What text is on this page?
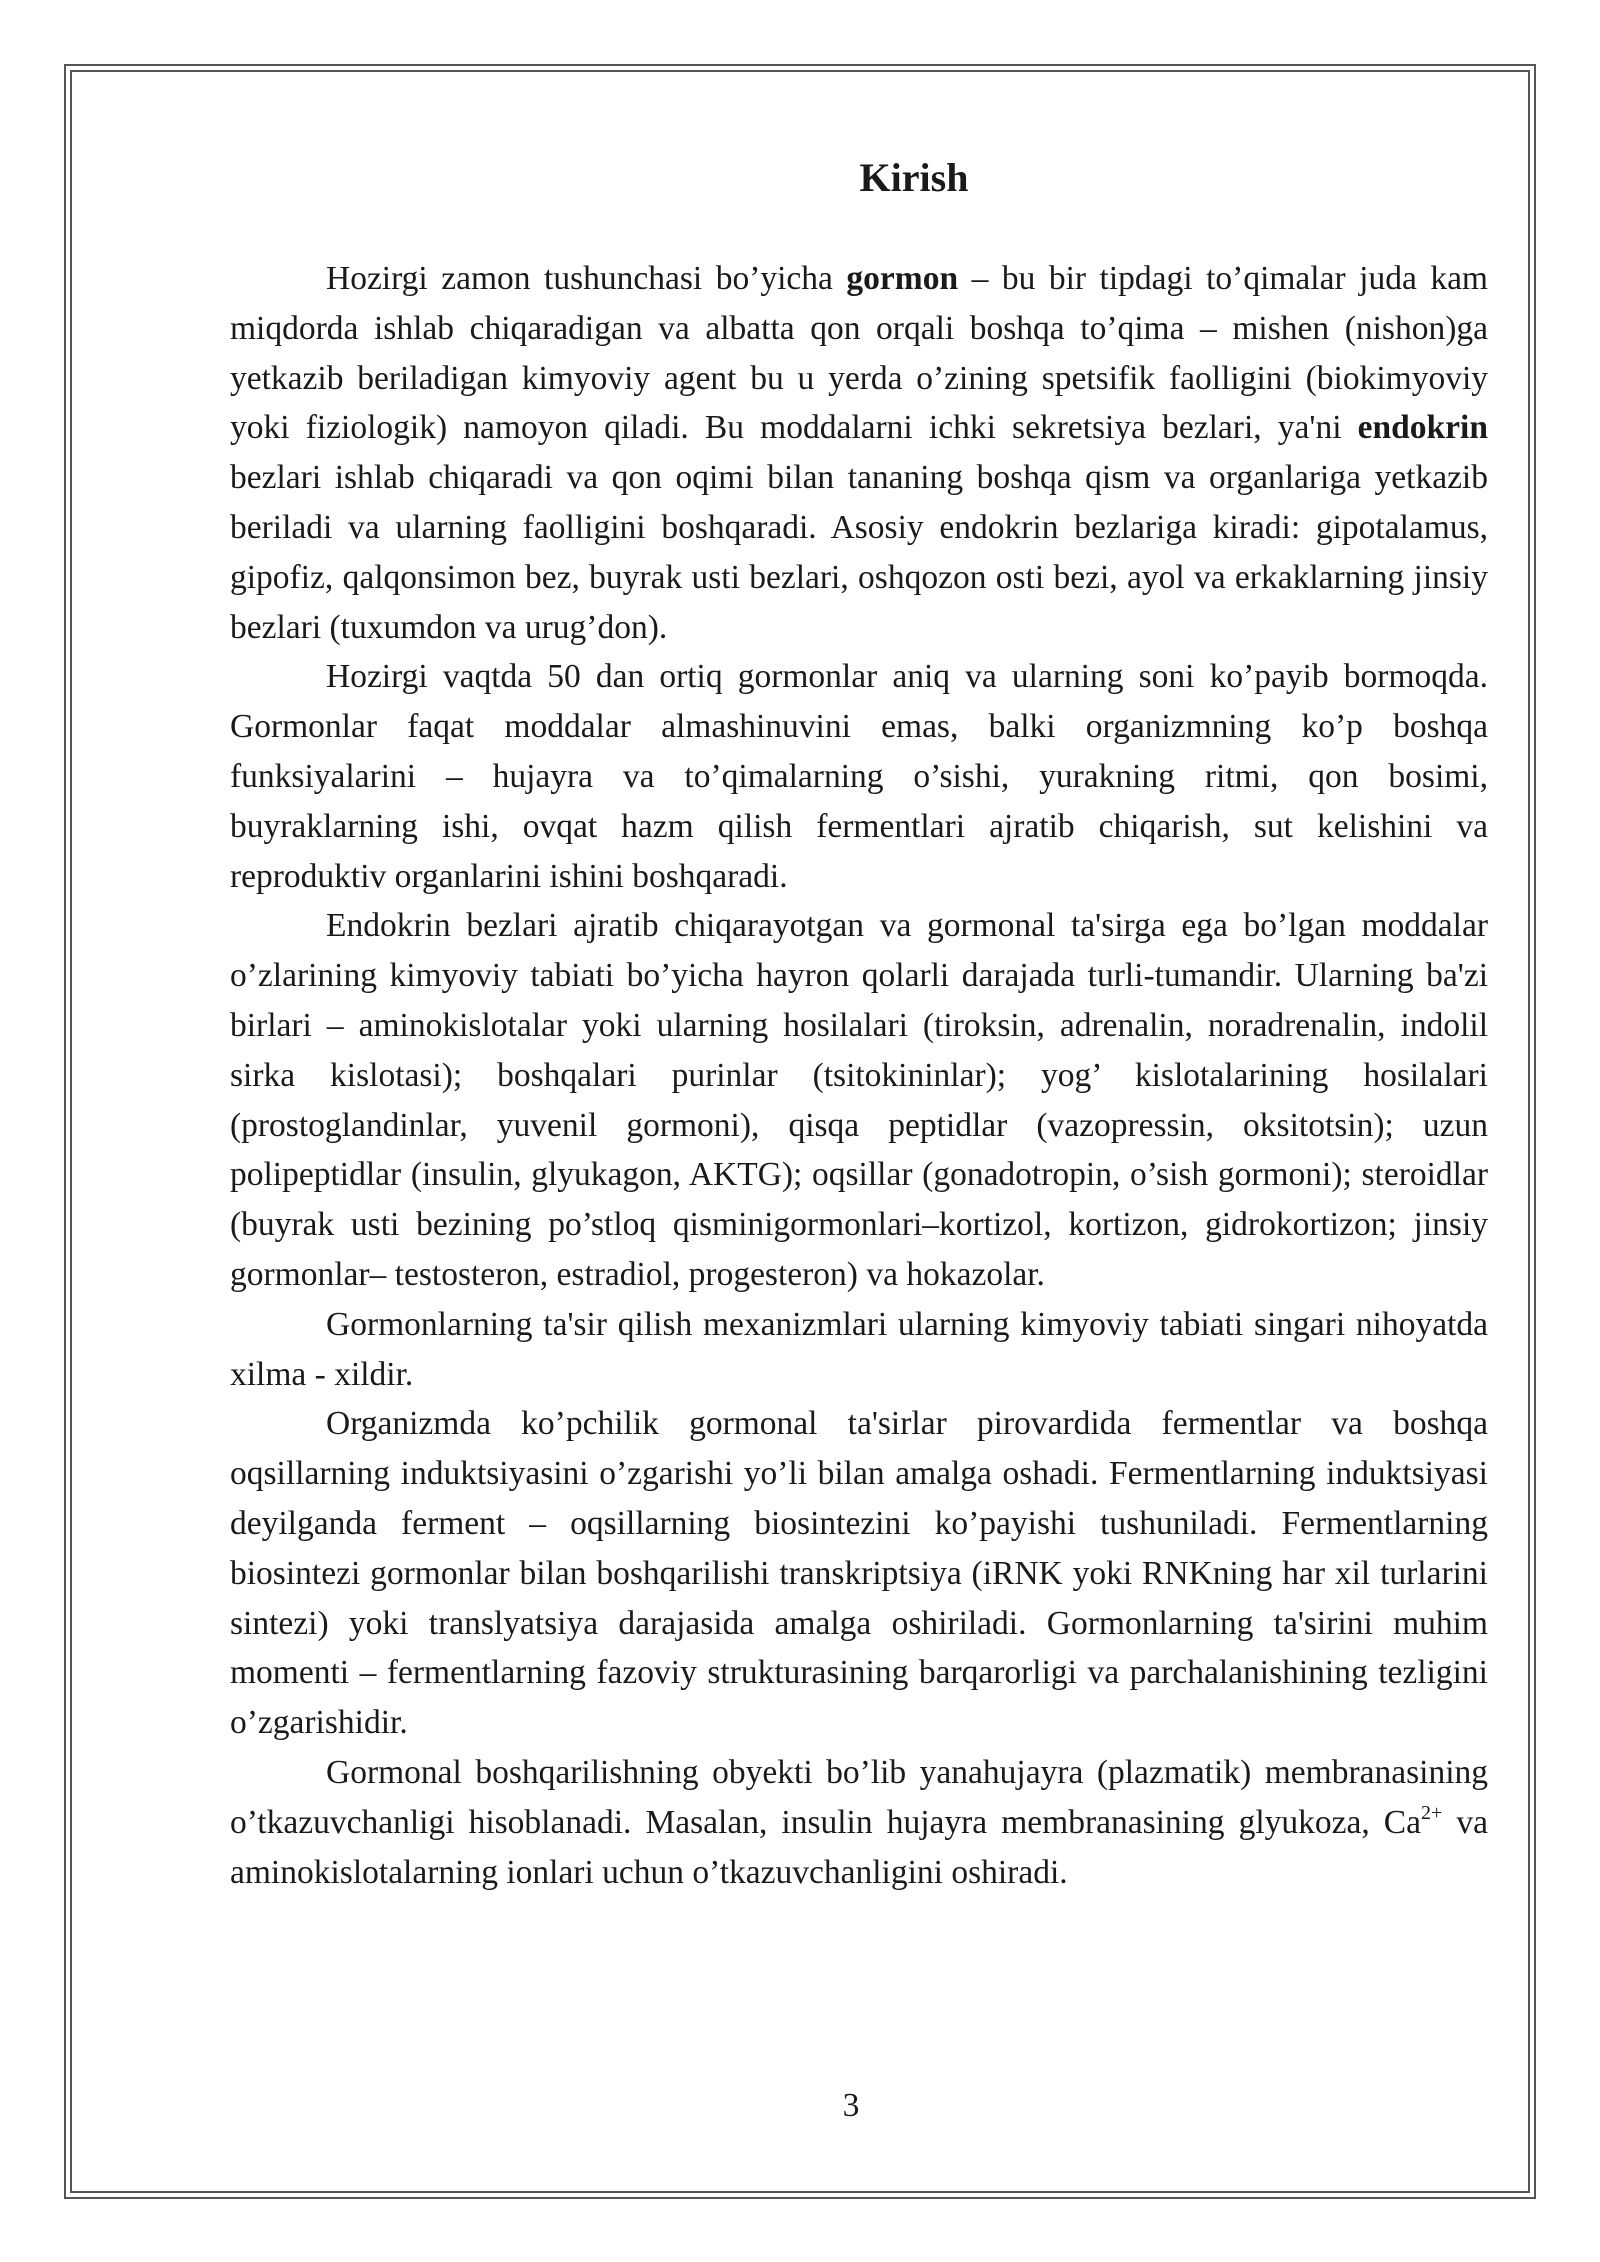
Kirish

Hozirgi zamon tushunchasi bo’yicha gormon – bu bir tipdagi to’qimalar juda kam miqdorda ishlab chiqaradigan va albatta qon orqali boshqa to’qima – mishen (nishon)ga yetkazib beriladigan kimyoviy agent bu u yerda o’zining spetsifik faolligini (biokimyoviy yoki fiziologik) namoyon qiladi. Bu moddalarni ichki sekretsiya bezlari, ya'ni endokrin bezlari ishlab chiqaradi va qon oqimi bilan tananing boshqa qism va organlariga yetkazib beriladi va ularning faolligini boshqaradi. Asosiy endokrin bezlariga kiradi: gipotalamus, gipofiz, qalqonsimon bez, buyrak usti bezlari, oshqozon osti bezi, ayol va erkaklarning jinsiy bezlari (tuxumdon va urug’don).

Hozirgi vaqtda 50 dan ortiq gormonlar aniq va ularning soni ko’payib bormoqda. Gormonlar faqat moddalar almashinuvini emas, balki organizmning ko’p boshqa funksiyalarini – hujayra va to’qimalarning o’sishi, yurakning ritmi, qon bosimi, buyraklarning ishi, ovqat hazm qilish fermentlari ajratib chiqarish, sut kelishini va reproduktiv organlarini ishini boshqaradi.

Endokrin bezlari ajratib chiqarayotgan va gormonal ta'sirga ega bo’lgan moddalar o’zlarining kimyoviy tabiati bo’yicha hayron qolarli darajada turli-tumandir. Ularning ba'zi birlari – aminokislotalar yoki ularning hosilalari (tiroksin, adrenalin, noradrenalin, indolil sirka kislotasi); boshqalari purinlar (tsitokininlar); yog’ kislotalarining hosilalari (prostoglandinlar, yuvenil gormoni), qisqa peptidlar (vazopressin, oksitotsin); uzun polipeptidlar (insulin, glyukagon, AKTG); oqsillar (gonadotropin, o’sish gormoni); steroidlar (buyrak usti bezining po’stloq qisminigormonlari–kortizol, kortizon, gidrokortizon; jinsiy gormonlar– testosteron, estradiol, progesteron) va hokazolar.

Gormonlarning ta'sir qilish mexanizmlari ularning kimyoviy tabiati singari nihoyatda xilma - xildir.

Organizmda ko’pchilik gormonal ta'sirlar pirovardida fermentlar va boshqa oqsillarning induktsiyasini o’zgarishi yo’li bilan amalga oshadi. Fermentlarning induktsiyasi deyilganda ferment – oqsillarning biosintezini ko’payishi tushuniladi. Fermentlarning biosintezi gormonlar bilan boshqarilishi transkriptsiya (iRNK yoki RNKning har xil turlarini sintezi) yoki translyatsiya darajasida amalga oshiriladi. Gormonlarning ta'sirini muhim momenti – fermentlarning fazoviy strukturasining barqarorligi va parchalanishining tezligini o’zgarishidir.

Gormonal boshqarilishning obyekti bo’lib yanahujayra (plazmatik) membranasining o’tkazuvchanligi hisoblanadi. Masalan, insulin hujayra membranasining glyukoza, $Ca^{2+}$ va aminokislotalarning ionlari uchun o’tkazuvchanligini oshiradi.

3
